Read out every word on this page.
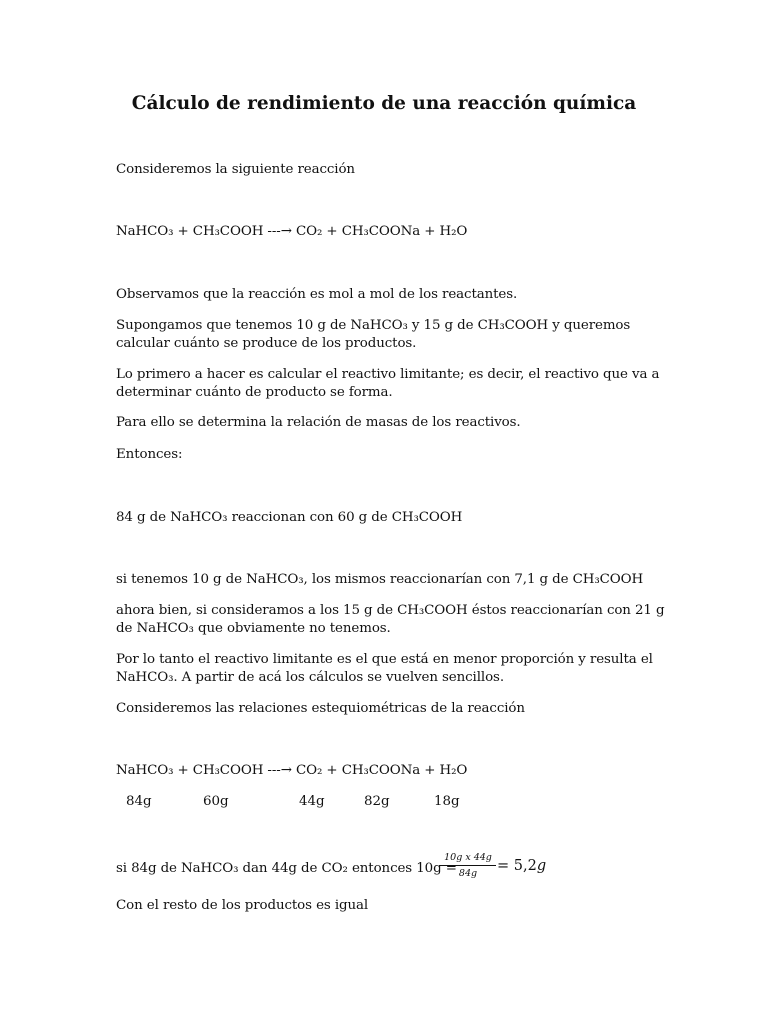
Cálculo de rendimiento de una reacción química

Consideremos la siguiente reacción

NaHCO₃ + CH₃COOH ---→ CO₂ + CH₃COONa + H₂O

Observamos que la reacción es mol a mol de los reactantes.

Supongamos que tenemos 10 g de NaHCO₃ y 15 g de CH₃COOH y queremos

calcular cuánto se produce de los productos.

Lo primero a hacer es calcular el reactivo limitante; es decir, el reactivo que va a

determinar cuánto de producto se forma.

Para ello se determina la relación de masas de los reactivos.

Entonces:

84 g de NaHCO₃ reaccionan con 60 g de CH₃COOH

si tenemos 10 g de NaHCO₃, los mismos reaccionarían con 7,1 g de CH₃COOH

ahora bien, si consideramos a los 15 g de CH₃COOH éstos reaccionarían con 21 g

de NaHCO₃ que obviamente no tenemos.

Por lo tanto el reactivo limitante es el que está en menor proporción y resulta el

NaHCO₃. A partir de acá los cálculos se vuelven sencillos.

Consideremos las relaciones estequiométricas de la reacción

NaHCO₃ + CH₃COOH ---→ CO₂ + CH₃COONa + H₂O

84g	60g	44g	82g	18g

si 84g de NaHCO₃ dan 44g de CO₂ entonces 10g =

$\frac{\text{10g x 44g}}{84g} = 5,2g$

Con el resto de los productos es igual
